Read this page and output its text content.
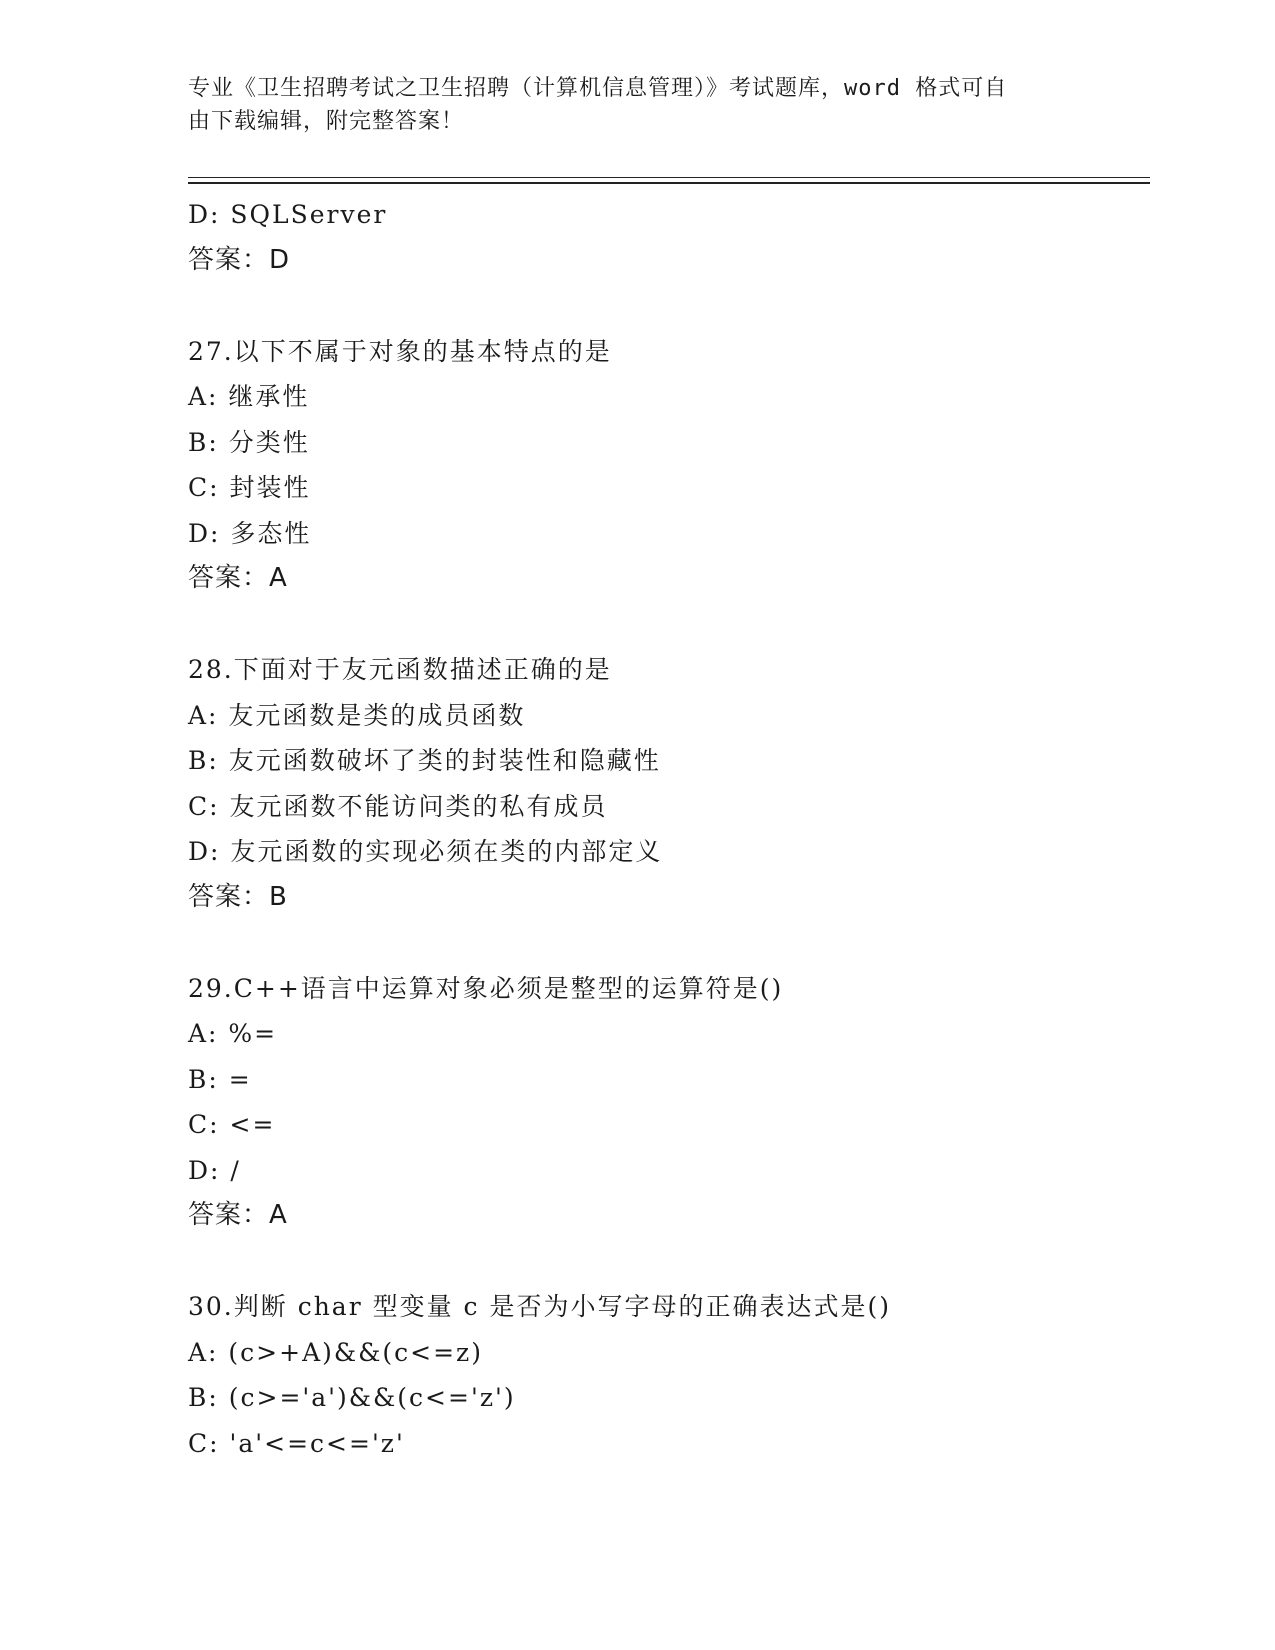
专业《卫生招聘考试之卫生招聘（计算机信息管理）》考试题库，word 格式可自
由下载编辑，附完整答案！
D: SQLServer
答案：D
27.以下不属于对象的基本特点的是
A: 继承性
B: 分类性
C: 封装性
D: 多态性
答案：A
28.下面对于友元函数描述正确的是
A: 友元函数是类的成员函数
B: 友元函数破坏了类的封装性和隐藏性
C: 友元函数不能访问类的私有成员
D: 友元函数的实现必须在类的内部定义
答案：B
29.C++语言中运算对象必须是整型的运算符是()
A: %=
B: =
C: <=
D: /
答案：A
30.判断 char 型变量 c 是否为小写字母的正确表达式是()
A: (c>+A)&&(c<=z)
B: (c>='a')&&(c<='z')
C: 'a'<=c<='z'
